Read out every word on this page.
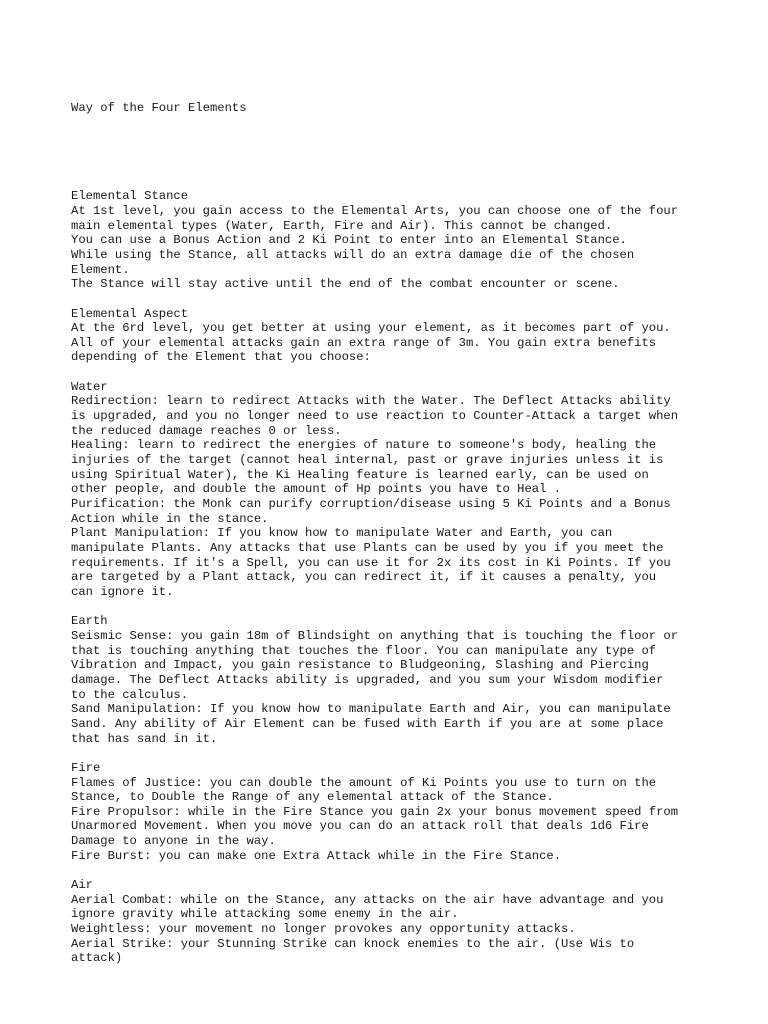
Way of the Four Elements

Elemental Stance
At 1st level, you gain access to the Elemental Arts, you can choose one of the four
main elemental types (Water, Earth, Fire and Air). This cannot be changed.
You can use a Bonus Action and 2 Ki Point to enter into an Elemental Stance.
While using the Stance, all attacks will do an extra damage die of the chosen
Element.
The Stance will stay active until the end of the combat encounter or scene.
Elemental Aspect
At the 6rd level, you get better at using your element, as it becomes part of you.
All of your elemental attacks gain an extra range of 3m. You gain extra benefits
depending of the Element that you choose:
Water
Redirection: learn to redirect Attacks with the Water. The Deflect Attacks ability
is upgraded, and you no longer need to use reaction to Counter-Attack a target when
the reduced damage reaches 0 or less.
Healing: learn to redirect the energies of nature to someone's body, healing the
injuries of the target (cannot heal internal, past or grave injuries unless it is
using Spiritual Water), the Ki Healing feature is learned early, can be used on
other people, and double the amount of Hp points you have to Heal .
Purification: the Monk can purify corruption/disease using 5 Ki Points and a Bonus
Action while in the stance.
Plant Manipulation: If you know how to manipulate Water and Earth, you can
manipulate Plants. Any attacks that use Plants can be used by you if you meet the
requirements. If it's a Spell, you can use it for 2x its cost in Ki Points. If you
are targeted by a Plant attack, you can redirect it, if it causes a penalty, you
can ignore it.
Earth
Seismic Sense: you gain 18m of Blindsight on anything that is touching the floor or
that is touching anything that touches the floor. You can manipulate any type of
Vibration and Impact, you gain resistance to Bludgeoning, Slashing and Piercing
damage. The Deflect Attacks ability is upgraded, and you sum your Wisdom modifier
to the calculus.
Sand Manipulation: If you know how to manipulate Earth and Air, you can manipulate
Sand. Any ability of Air Element can be fused with Earth if you are at some place
that has sand in it.
Fire
Flames of Justice: you can double the amount of Ki Points you use to turn on the
Stance, to Double the Range of any elemental attack of the Stance.
Fire Propulsor: while in the Fire Stance you gain 2x your bonus movement speed from
Unarmored Movement. When you move you can do an attack roll that deals 1d6 Fire
Damage to anyone in the way.
Fire Burst: you can make one Extra Attack while in the Fire Stance.
Air
Aerial Combat: while on the Stance, any attacks on the air have advantage and you
ignore gravity while attacking some enemy in the air.
Weightless: your movement no longer provokes any opportunity attacks.
Aerial Strike: your Stunning Strike can knock enemies to the air. (Use Wis to
attack)
